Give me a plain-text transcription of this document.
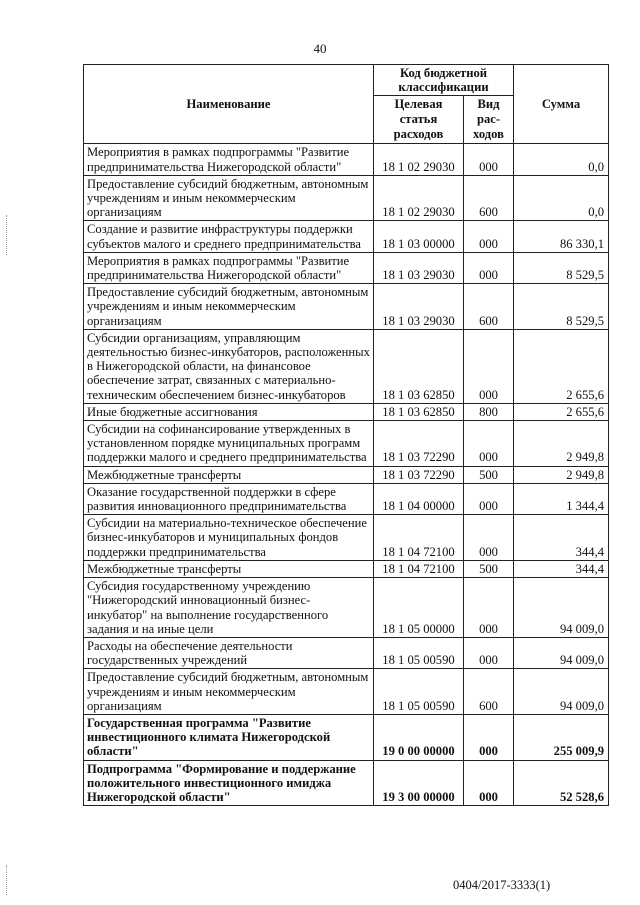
40
Наименование	Код бюджетной классификации		Сумма
	Целевая статья расходов	Вид рас- ходов	
Мероприятия в рамках подпрограммы "Развитие предпринимательства Нижегородской области"	18 1 02 29030	000	0,0
Предоставление субсидий бюджетным, автономным учреждениям и иным некоммерческим организациям	18 1 02 29030	600	0,0
Создание и развитие инфраструктуры поддержки субъектов малого и среднего предпринимательства	18 1 03 00000	000	86 330,1
Мероприятия в рамках подпрограммы "Развитие предпринимательства Нижегородской области"	18 1 03 29030	000	8 529,5
Предоставление субсидий бюджетным, автономным учреждениям и иным некоммерческим организациям	18 1 03 29030	600	8 529,5
Субсидии организациям, управляющим деятельностью бизнес-инкубаторов, расположенных в Нижегородской области, на финансовое обеспечение затрат, связанных с материально-техническим обеспечением бизнес-инкубаторов	18 1 03 62850	000	2 655,6
Иные бюджетные ассигнования	18 1 03 62850	800	2 655,6
Субсидии на софинансирование утвержденных в установленном порядке муниципальных программ поддержки малого и среднего предпринимательства	18 1 03 72290	000	2 949,8
Межбюджетные трансферты	18 1 03 72290	500	2 949,8
Оказание государственной поддержки в сфере развития инновационного предпринимательства	18 1 04 00000	000	1 344,4
Субсидии на материально-техническое обеспечение бизнес-инкубаторов и муниципальных фондов поддержки предпринимательства	18 1 04 72100	000	344,4
Межбюджетные трансферты	18 1 04 72100	500	344,4
Субсидия государственному учреждению "Нижегородский инновационный бизнес-инкубатор" на выполнение государственного задания и на иные цели	18 1 05 00000	000	94 009,0
Расходы на обеспечение деятельности государственных учреждений	18 1 05 00590	000	94 009,0
Предоставление субсидий бюджетным, автономным учреждениям и иным некоммерческим организациям	18 1 05 00590	600	94 009,0
Государственная программа "Развитие инвестиционного климата Нижегородской области"	19 0 00 00000	000	255 009,9
Подпрограмма "Формирование и поддержание положительного инвестиционного имиджа Нижегородской области"	19 3 00 00000	000	52 528,6
0404/2017-3333(1)
